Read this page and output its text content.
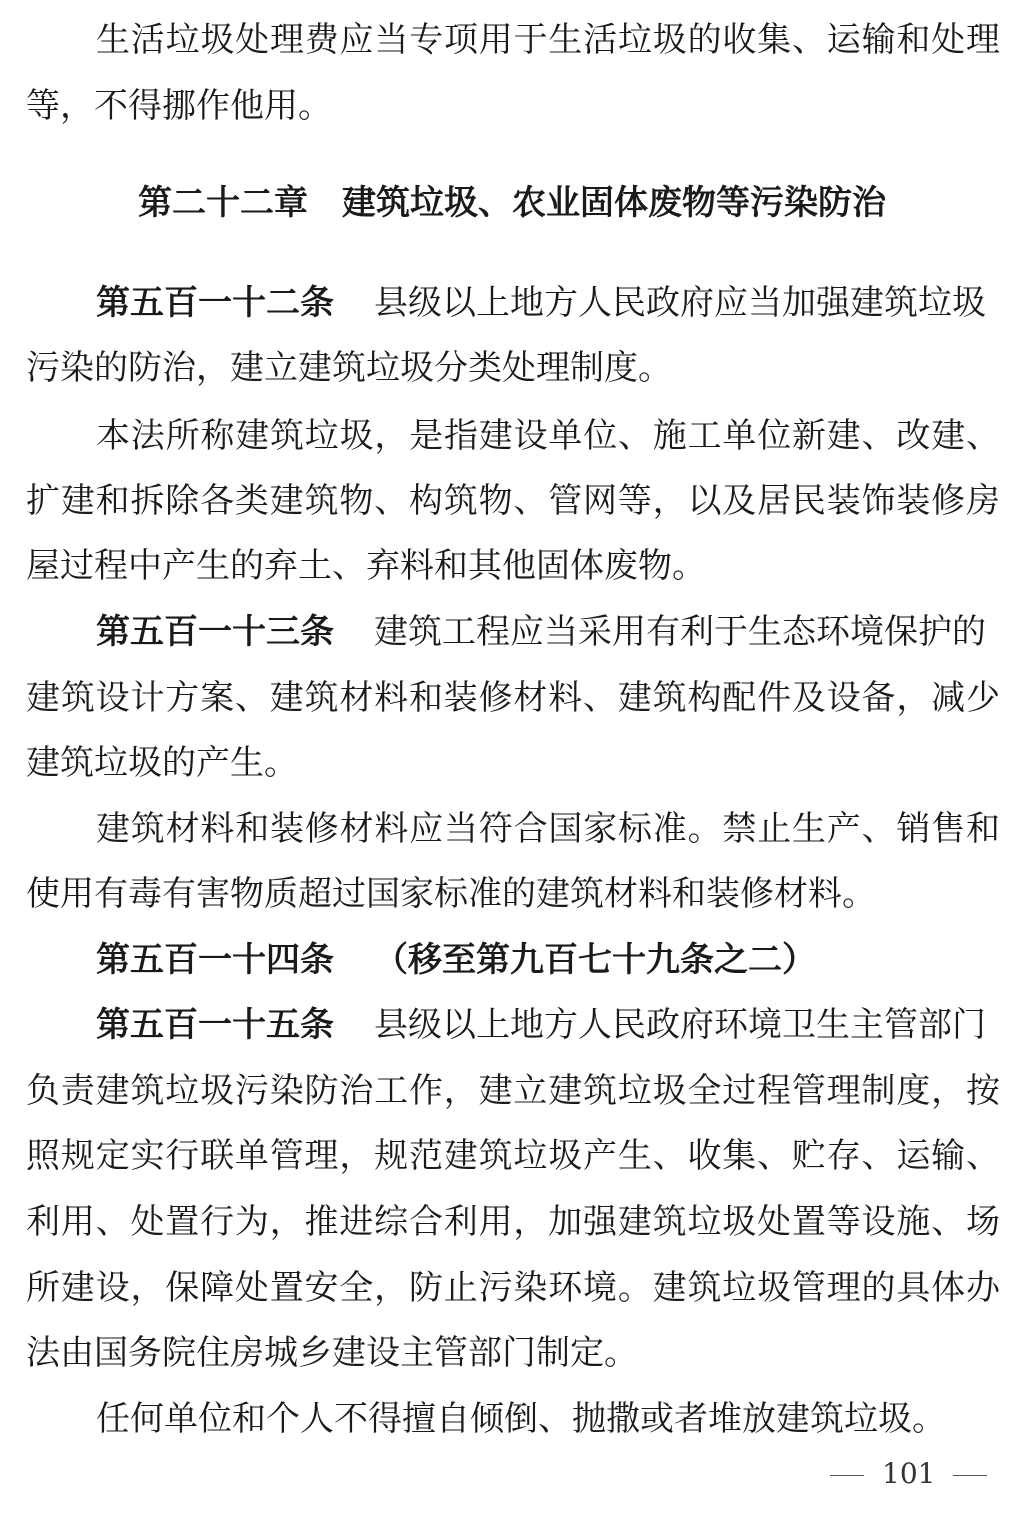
生活垃圾处理费应当专项用于生活垃圾的收集、运输和处理
等，不得挪作他用。
第二十二章 建筑垃圾、农业固体废物等污染防治
第五百一十二条 县级以上地方人民政府应当加强建筑垃圾
污染的防治，建立建筑垃圾分类处理制度。
本法所称建筑垃圾，是指建设单位、施工单位新建、改建、
扩建和拆除各类建筑物、构筑物、管网等，以及居民装饰装修房
屋过程中产生的弃土、弃料和其他固体废物。
第五百一十三条 建筑工程应当采用有利于生态环境保护的
建筑设计方案、建筑材料和装修材料、建筑构配件及设备，减少
建筑垃圾的产生。
建筑材料和装修材料应当符合国家标准。禁止生产、销售和
使用有毒有害物质超过国家标准的建筑材料和装修材料。
第五百一十四条 （移至第九百七十九条之二）
第五百一十五条 县级以上地方人民政府环境卫生主管部门
负责建筑垃圾污染防治工作，建立建筑垃圾全过程管理制度，按
照规定实行联单管理，规范建筑垃圾产生、收集、贮存、运输、
利用、处置行为，推进综合利用，加强建筑垃圾处置等设施、场
所建设，保障处置安全，防止污染环境。建筑垃圾管理的具体办
法由国务院住房城乡建设主管部门制定。
任何单位和个人不得擅自倾倒、抛撒或者堆放建筑垃圾。
101
